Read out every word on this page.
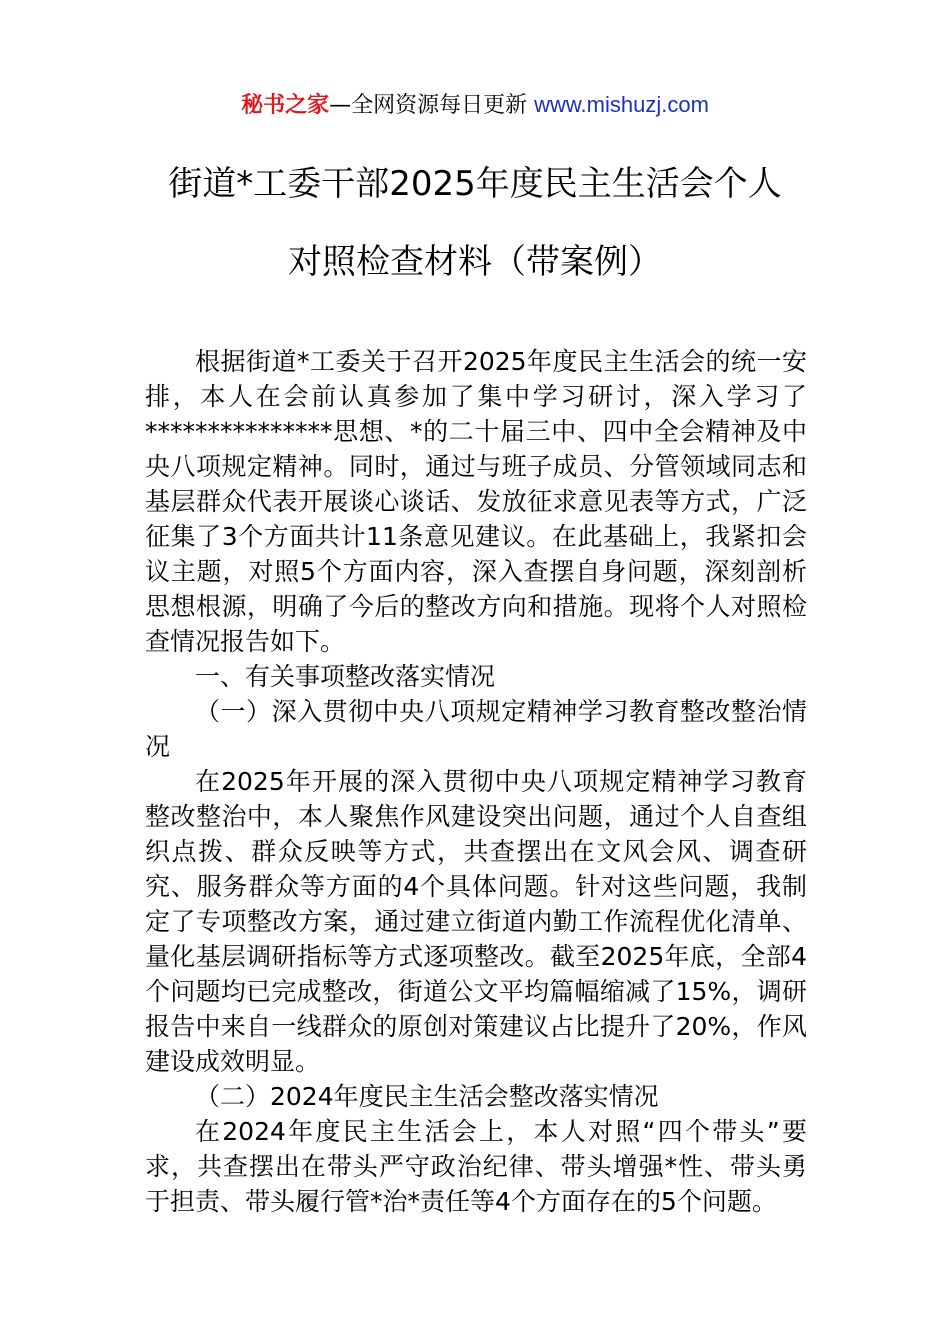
秘书之家—全网资源每日更新 www.mishuzj.com
街道*工委干部2025年度民主生活会个人
对照检查材料（带案例）

根据街道*工委关于召开2025年度民主生活会的统一安排，本人在会前认真参加了集中学习研讨，深入学习了***************思想、*的二十届三中、四中全会精神及中央八项规定精神。同时，通过与班子成员、分管领域同志和基层群众代表开展谈心谈话、发放征求意见表等方式，广泛征集了3个方面共计11条意见建议。在此基础上，我紧扣会议主题，对照5个方面内容，深入查摆自身问题，深刻剖析思想根源，明确了今后的整改方向和措施。现将个人对照检查情况报告如下。

一、有关事项整改落实情况

（一）深入贯彻中央八项规定精神学习教育整改整治情况

在2025年开展的深入贯彻中央八项规定精神学习教育整改整治中，本人聚焦作风建设突出问题，通过个人自查组织点拨、群众反映等方式，共查摆出在文风会风、调查研究、服务群众等方面的4个具体问题。针对这些问题，我制定了专项整改方案，通过建立街道内勤工作流程优化清单、量化基层调研指标等方式逐项整改。截至2025年底，全部4个问题均已完成整改，街道公文平均篇幅缩减了15%，调研报告中来自一线群众的原创对策建议占比提升了20%，作风建设成效明显。

（二）2024年度民主生活会整改落实情况

在2024年度民主生活会上，本人对照“四个带头”要求，共查摆出在带头严守政治纪律、带头增强*性、带头勇于担责、带头履行管*治*责任等4个方面存在的5个问题。
